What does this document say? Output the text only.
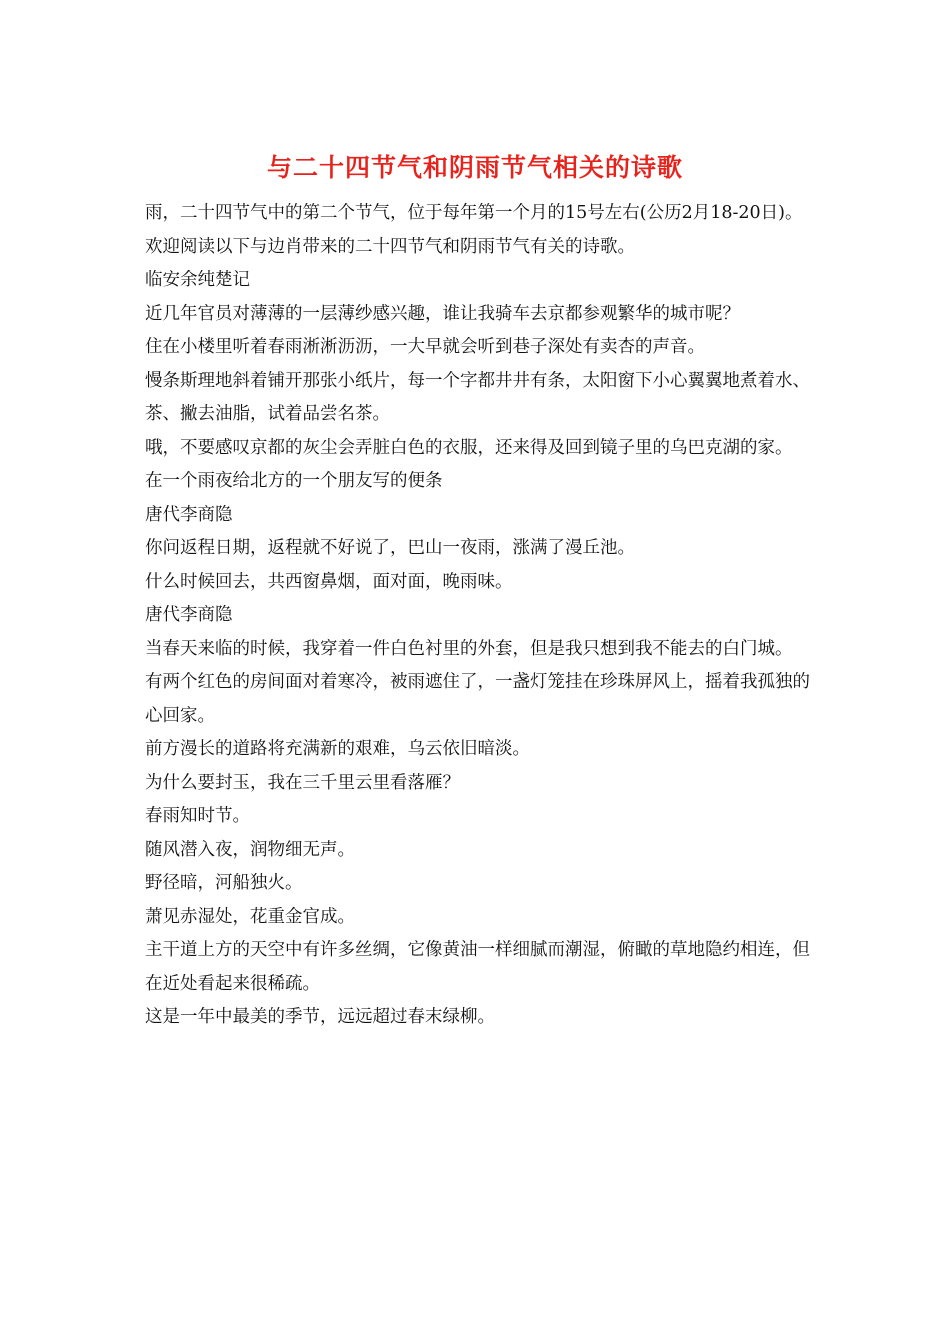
与二十四节气和阴雨节气相关的诗歌

雨，二十四节气中的第二个节气，位于每年第一个月的15号左右(公历2月18-20日)。欢迎阅读以下与边肖带来的二十四节气和阴雨节气有关的诗歌。

临安余纯楚记

近几年官员对薄薄的一层薄纱感兴趣，谁让我骑车去京都参观繁华的城市呢？

住在小楼里听着春雨淅淅沥沥，一大早就会听到巷子深处有卖杏的声音。

慢条斯理地斜着铺开那张小纸片，每一个字都井井有条，太阳窗下小心翼翼地煮着水、茶、撇去油脂，试着品尝名茶。

哦，不要感叹京都的灰尘会弄脏白色的衣服，还来得及回到镜子里的乌巴克湖的家。

在一个雨夜给北方的一个朋友写的便条

唐代李商隐

你问返程日期，返程就不好说了，巴山一夜雨，涨满了漫丘池。

什么时候回去，共西窗鼻烟，面对面，晚雨味。

唐代李商隐

当春天来临的时候，我穿着一件白色衬里的外套，但是我只想到我不能去的白门城。

有两个红色的房间面对着寒冷，被雨遮住了，一盏灯笼挂在珍珠屏风上，摇着我孤独的心回家。

前方漫长的道路将充满新的艰难，乌云依旧暗淡。

为什么要封玉，我在三千里云里看落雁？

春雨知时节。

随风潜入夜，润物细无声。

野径暗，河船独火。

萧见赤湿处，花重金官成。

主干道上方的天空中有许多丝绸，它像黄油一样细腻而潮湿，俯瞰的草地隐约相连，但在近处看起来很稀疏。

这是一年中最美的季节，远远超过春末绿柳。
